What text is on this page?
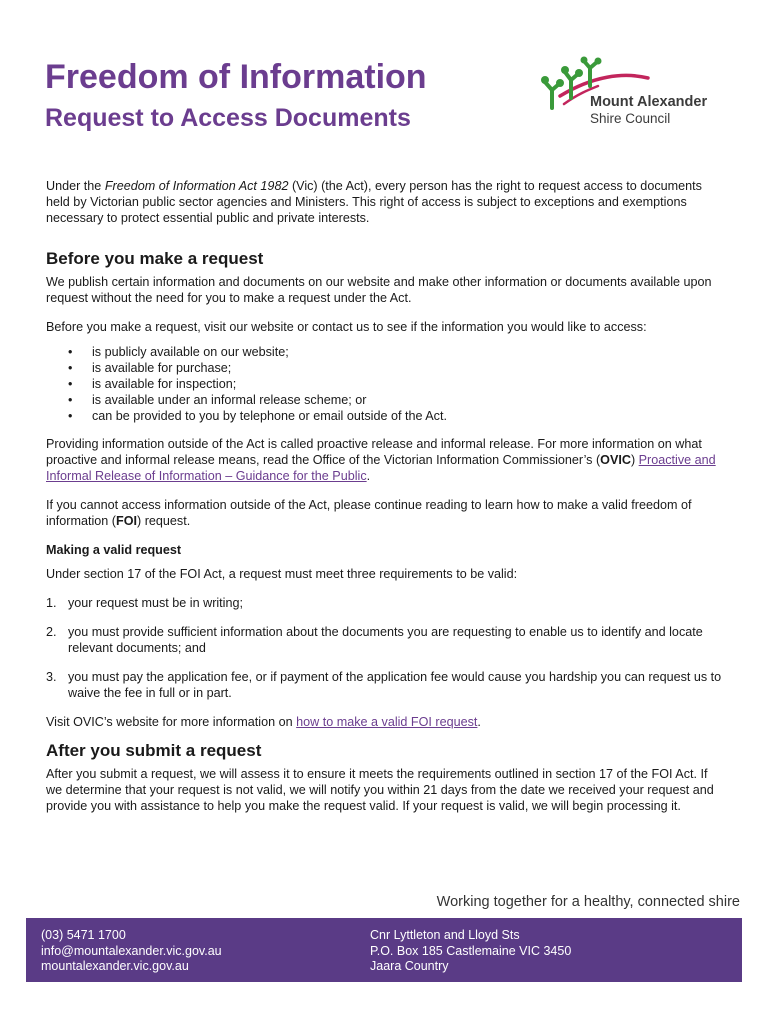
Freedom of Information
Request to Access Documents
Mount Alexander
Shire Council

Under the Freedom of Information Act 1982 (Vic) (the Act), every person has the right to request access to documents held by Victorian public sector agencies and Ministers. This right of access is subject to exceptions and exemptions necessary to protect essential public and private interests.

Before you make a request

We publish certain information and documents on our website and make other information or documents available upon request without the need for you to make a request under the Act.

Before you make a request, visit our website or contact us to see if the information you would like to access:

• is publicly available on our website;
• is available for purchase;
• is available for inspection;
• is available under an informal release scheme; or
• can be provided to you by telephone or email outside of the Act.

Providing information outside of the Act is called proactive release and informal release. For more information on what proactive and informal release means, read the Office of the Victorian Information Commissioner’s (OVIC) Proactive and Informal Release of Information – Guidance for the Public.

If you cannot access information outside of the Act, please continue reading to learn how to make a valid freedom of information (FOI) request.

Making a valid request

Under section 17 of the FOI Act, a request must meet three requirements to be valid:

1. your request must be in writing;
2. you must provide sufficient information about the documents you are requesting to enable us to identify and locate relevant documents; and
3. you must pay the application fee, or if payment of the application fee would cause you hardship you can request us to waive the fee in full or in part.

Visit OVIC’s website for more information on how to make a valid FOI request.

After you submit a request

After you submit a request, we will assess it to ensure it meets the requirements outlined in section 17 of the FOI Act. If we determine that your request is not valid, we will notify you within 21 days from the date we received your request and provide you with assistance to help you make the request valid. If your request is valid, we will begin processing it.

Working together for a healthy, connected shire
(03) 5471 1700
info@mountalexander.vic.gov.au
mountalexander.vic.gov.au
Cnr Lyttleton and Lloyd Sts
P.O. Box 185 Castlemaine VIC 3450
Jaara Country
